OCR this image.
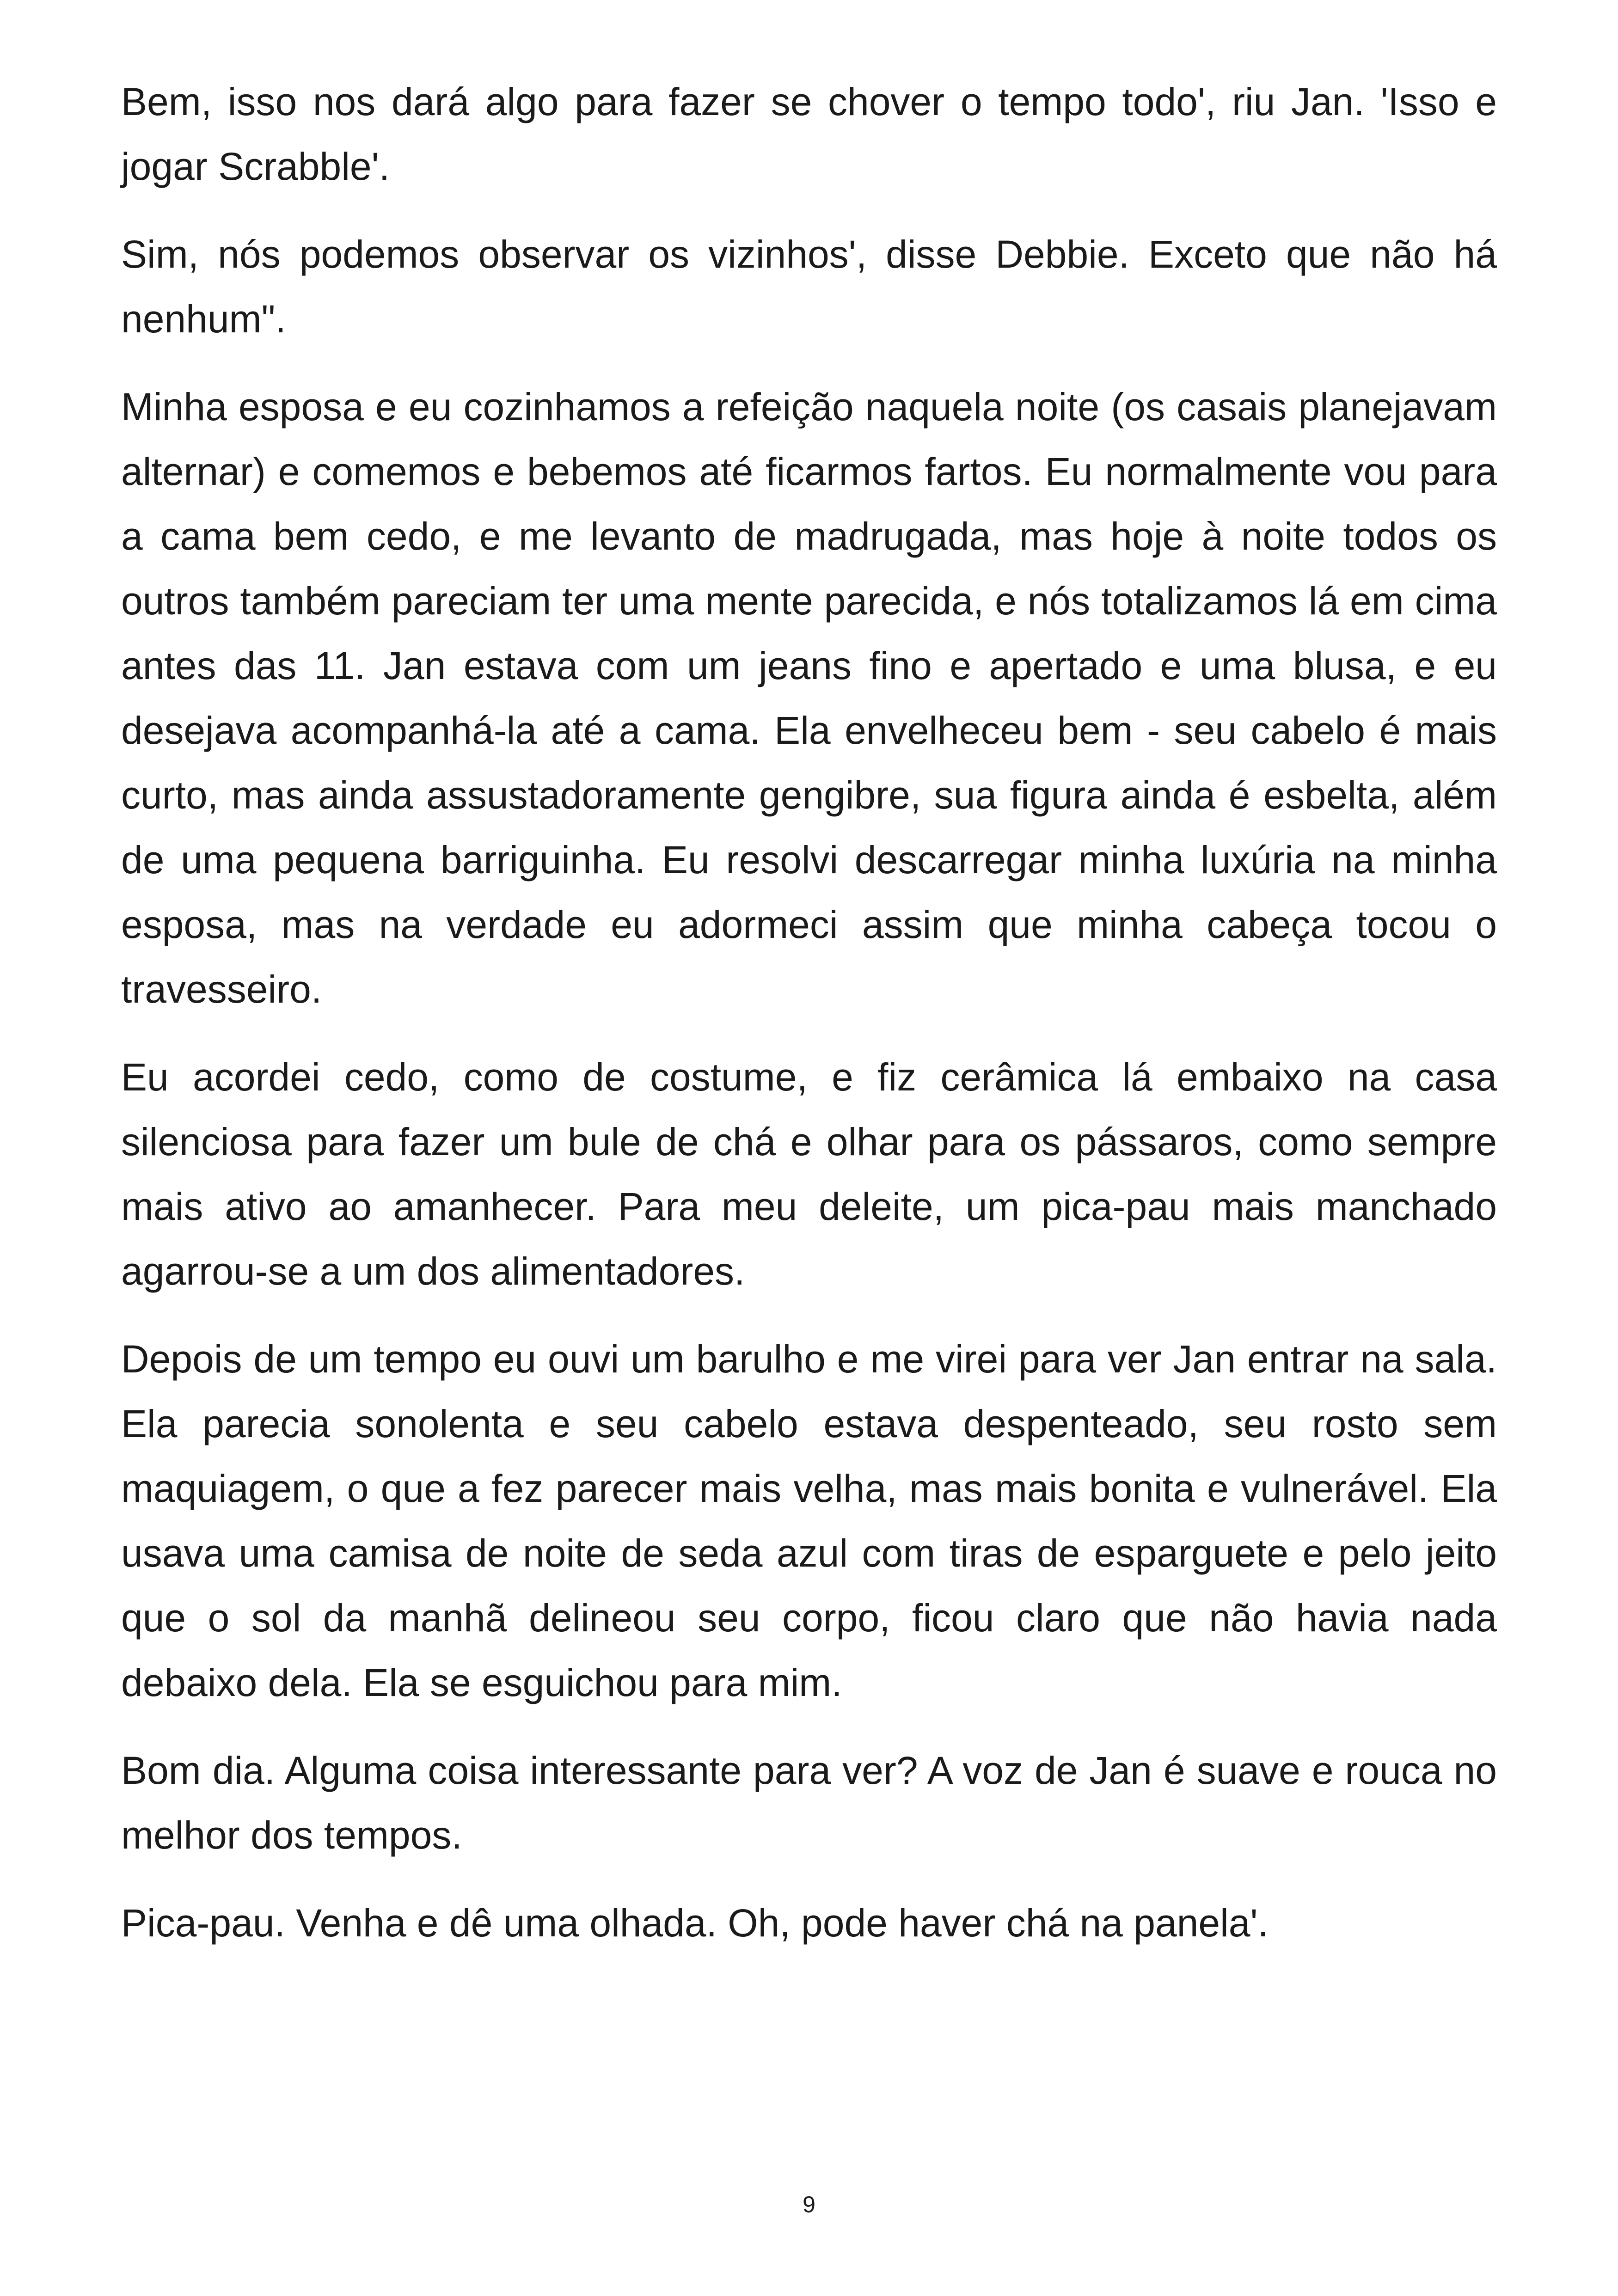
Bem, isso nos dará algo para fazer se chover o tempo todo', riu Jan. 'Isso e jogar Scrabble'.

Sim, nós podemos observar os vizinhos', disse Debbie. Exceto que não há nenhum".

Minha esposa e eu cozinhamos a refeição naquela noite (os casais planejavam alternar) e comemos e bebemos até ficarmos fartos. Eu normalmente vou para a cama bem cedo, e me levanto de madrugada, mas hoje à noite todos os outros também pareciam ter uma mente parecida, e nós totalizamos lá em cima antes das 11. Jan estava com um jeans fino e apertado e uma blusa, e eu desejava acompanhá-la até a cama. Ela envelheceu bem - seu cabelo é mais curto, mas ainda assustadoramente gengibre, sua figura ainda é esbelta, além de uma pequena barriguinha. Eu resolvi descarregar minha luxúria na minha esposa, mas na verdade eu adormeci assim que minha cabeça tocou o travesseiro.

Eu acordei cedo, como de costume, e fiz cerâmica lá embaixo na casa silenciosa para fazer um bule de chá e olhar para os pássaros, como sempre mais ativo ao amanhecer. Para meu deleite, um pica-pau mais manchado agarrou-se a um dos alimentadores.

Depois de um tempo eu ouvi um barulho e me virei para ver Jan entrar na sala. Ela parecia sonolenta e seu cabelo estava despenteado, seu rosto sem maquiagem, o que a fez parecer mais velha, mas mais bonita e vulnerável. Ela usava uma camisa de noite de seda azul com tiras de esparguete e pelo jeito que o sol da manhã delineou seu corpo, ficou claro que não havia nada debaixo dela. Ela se esguichou para mim.

Bom dia. Alguma coisa interessante para ver? A voz de Jan é suave e rouca no melhor dos tempos.

Pica-pau. Venha e dê uma olhada. Oh, pode haver chá na panela'.

9
